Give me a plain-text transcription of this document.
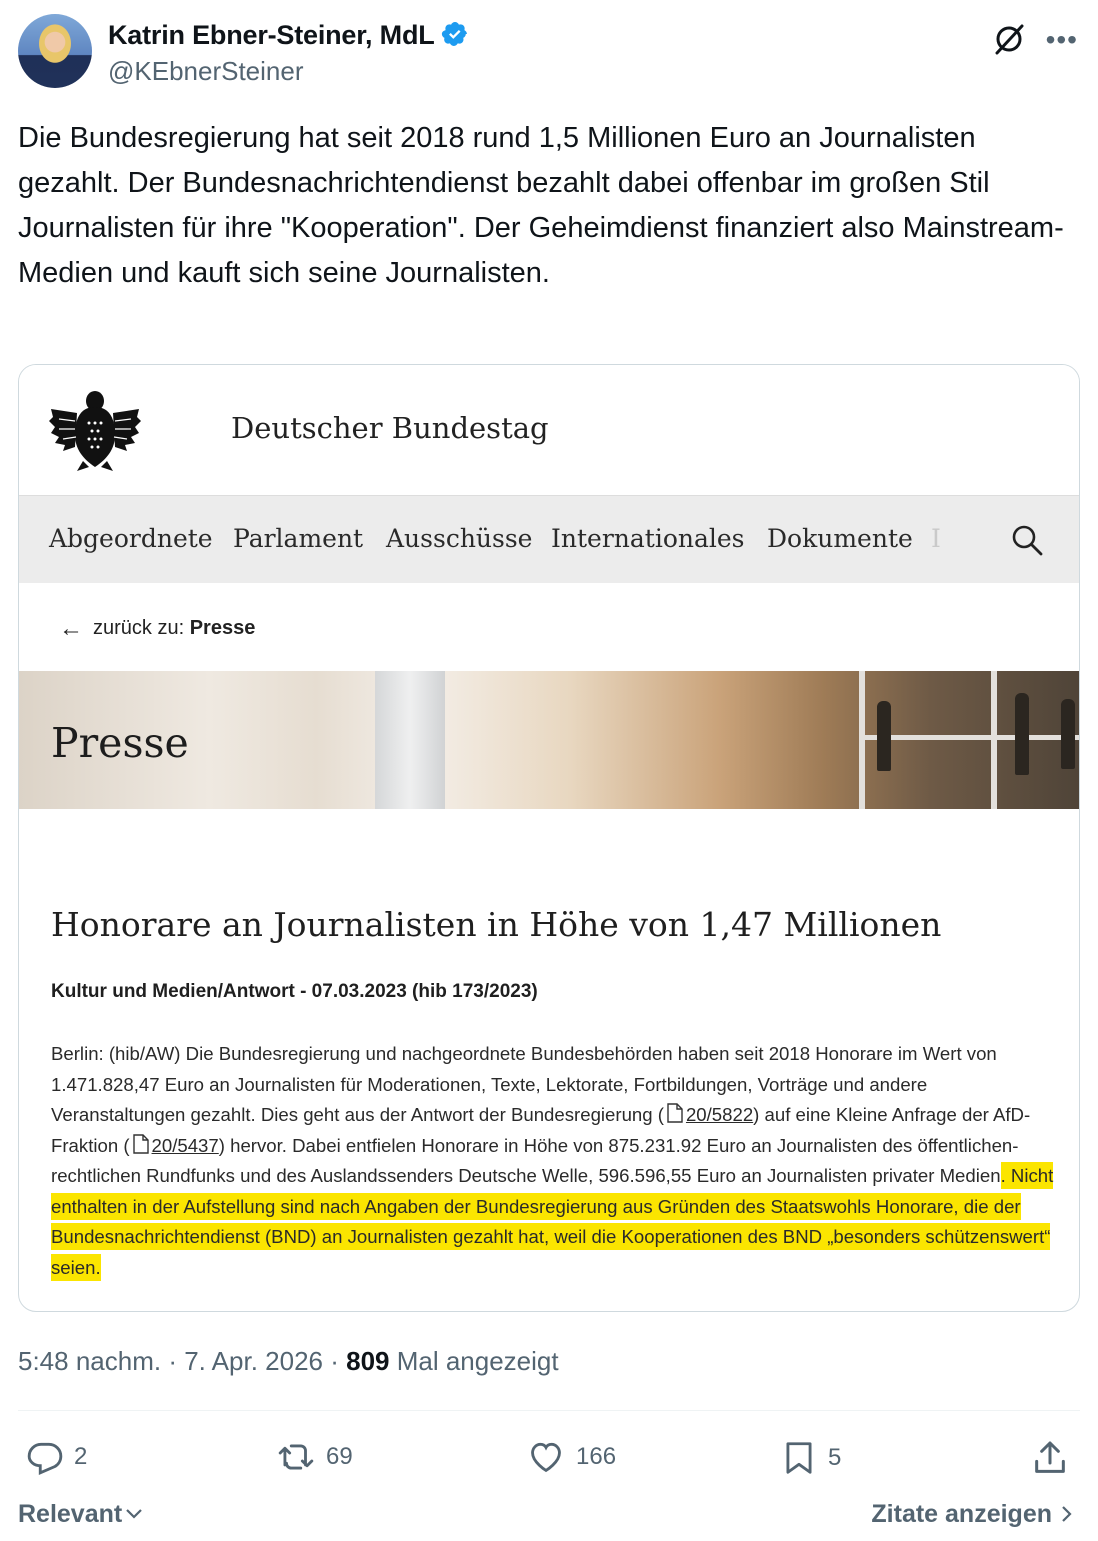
Katrin Ebner-Steiner, MdL
@KEbnerSteiner
•••
Die Bundesregierung hat seit 2018 rund 1,5 Millionen Euro an Journalisten gezahlt. Der Bundesnachrichtendienst bezahlt dabei offenbar im großen Stil Journalisten für ihre "Kooperation". Der Geheimdienst finanziert also Mainstream-Medien und kauft sich seine Journalisten.
Deutscher Bundestag
Abgeordnete Parlament Ausschüsse Internationales Dokumente I
← zurück zu: Presse
Presse
Honorare an Journalisten in Höhe von 1,47 Millionen
Kultur und Medien/Antwort - 07.03.2023 (hib 173/2023)
Berlin: (hib/AW) Die Bundesregierung und nachgeordnete Bundesbehörden haben seit 2018 Honorare im Wert von 1.471.828,47 Euro an Journalisten für Moderationen, Texte, Lektorate, Fortbildungen, Vorträge und andere Veranstaltungen gezahlt. Dies geht aus der Antwort der Bundesregierung ( 20/5822) auf eine Kleine Anfrage der AfD-Fraktion ( 20/5437) hervor. Dabei entfielen Honorare in Höhe von 875.231.92 Euro an Journalisten des öffentlichen-rechtlichen Rundfunks und des Auslandssenders Deutsche Welle, 596.596,55 Euro an Journalisten privater Medien. Nicht enthalten in der Aufstellung sind nach Angaben der Bundesregierung aus Gründen des Staatswohls Honorare, die der Bundesnachrichtendienst (BND) an Journalisten gezahlt hat, weil die Kooperationen des BND „besonders schützenswert“ seien.
5:48 nachm. · 7. Apr. 2026 · 809 Mal angezeigt
2	69	166	5
Relevant	Zitate anzeigen
